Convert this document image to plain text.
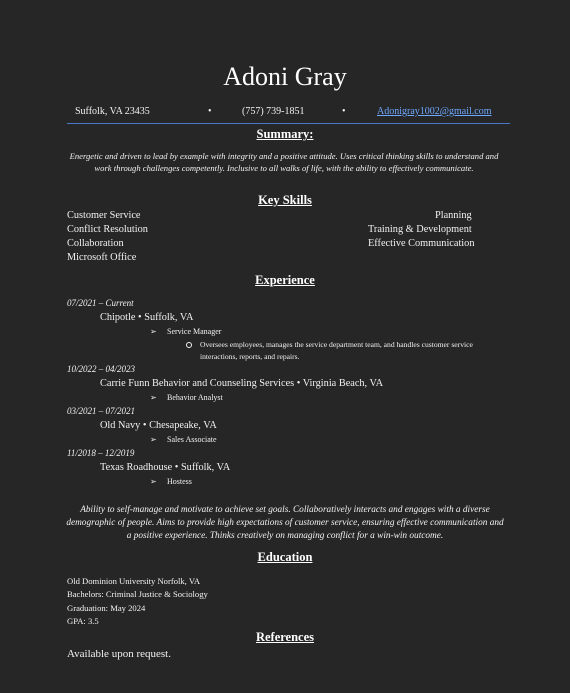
Adoni Gray
Suffolk, VA 23435	•	(757) 739-1851	•	Adonigray1002@gmail.com
Summary:
Energetic and driven to lead by example with integrity and a positive attitude. Uses critical thinking skills to understand and work through challenges competently. Inclusive to all walks of life, with the ability to effectively communicate.
Key Skills
Customer Service
Conflict Resolution
Collaboration
Microsoft Office
Planning
Training & Development
Effective Communication
Experience
07/2021 – Current
Chipotle • Suffolk, VA
➢ Service Manager
Oversees employees, manages the service department team, and handles customer service interactions, reports, and repairs.
10/2022 – 04/2023
Carrie Funn Behavior and Counseling Services • Virginia Beach, VA
➢ Behavior Analyst
03/2021 – 07/2021
Old Navy • Chesapeake, VA
➢ Sales Associate
11/2018 – 12/2019
Texas Roadhouse • Suffolk, VA
➢ Hostess
Ability to self-manage and motivate to achieve set goals. Collaboratively interacts and engages with a diverse demographic of people. Aims to provide high expectations of customer service, ensuring effective communication and a positive experience. Thinks creatively on managing conflict for a win-win outcome.
Education
Old Dominion University Norfolk, VA
Bachelors: Criminal Justice & Sociology
Graduation: May 2024
GPA: 3.5
References
Available upon request.
